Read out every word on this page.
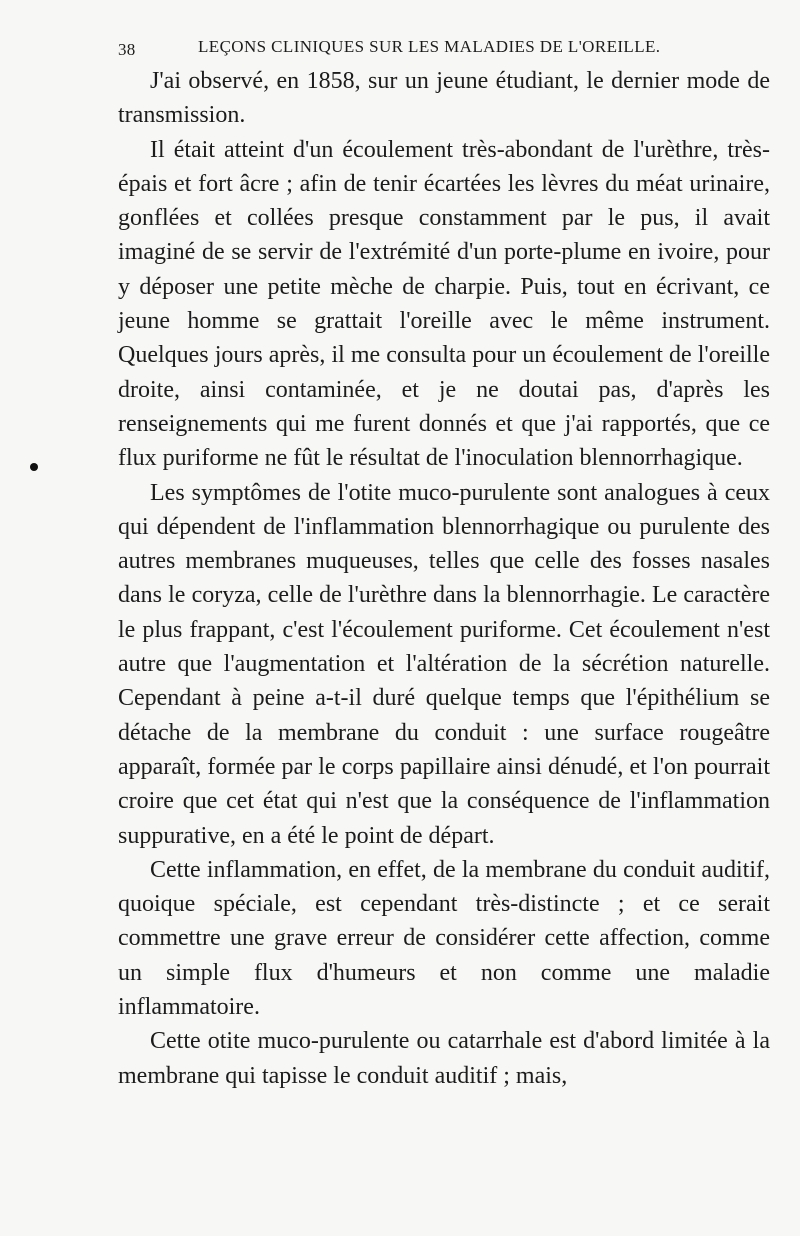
38	LEÇONS CLINIQUES SUR LES MALADIES DE L'OREILLE.

J'ai observé, en 1858, sur un jeune étudiant, le dernier mode de transmission.

Il était atteint d'un écoulement très-abondant de l'urèthre, très-épais et fort âcre ; afin de tenir écartées les lèvres du méat urinaire, gonflées et collées presque constamment par le pus, il avait imaginé de se servir de l'extrémité d'un porte-plume en ivoire, pour y déposer une petite mèche de charpie. Puis, tout en écrivant, ce jeune homme se grattait l'oreille avec le même instrument. Quelques jours après, il me consulta pour un écoulement de l'oreille droite, ainsi contaminée, et je ne doutai pas, d'après les renseignements qui me furent donnés et que j'ai rapportés, que ce flux puriforme ne fût le résultat de l'inoculation blennorrhagique.

Les symptômes de l'otite muco-purulente sont analogues à ceux qui dépendent de l'inflammation blennorrhagique ou purulente des autres membranes muqueuses, telles que celle des fosses nasales dans le coryza, celle de l'urèthre dans la blennorrhagie. Le caractère le plus frappant, c'est l'écoulement puriforme. Cet écoulement n'est autre que l'augmentation et l'altération de la sécrétion naturelle. Cependant à peine a-t-il duré quelque temps que l'épithélium se détache de la membrane du conduit : une surface rougeâtre apparaît, formée par le corps papillaire ainsi dénudé, et l'on pourrait croire que cet état qui n'est que la conséquence de l'inflammation suppurative, en a été le point de départ.

Cette inflammation, en effet, de la membrane du conduit auditif, quoique spéciale, est cependant très-distincte ; et ce serait commettre une grave erreur de considérer cette affection, comme un simple flux d'humeurs et non comme une maladie inflammatoire.

Cette otite muco-purulente ou catarrhale est d'abord limitée à la membrane qui tapisse le conduit auditif ; mais,
